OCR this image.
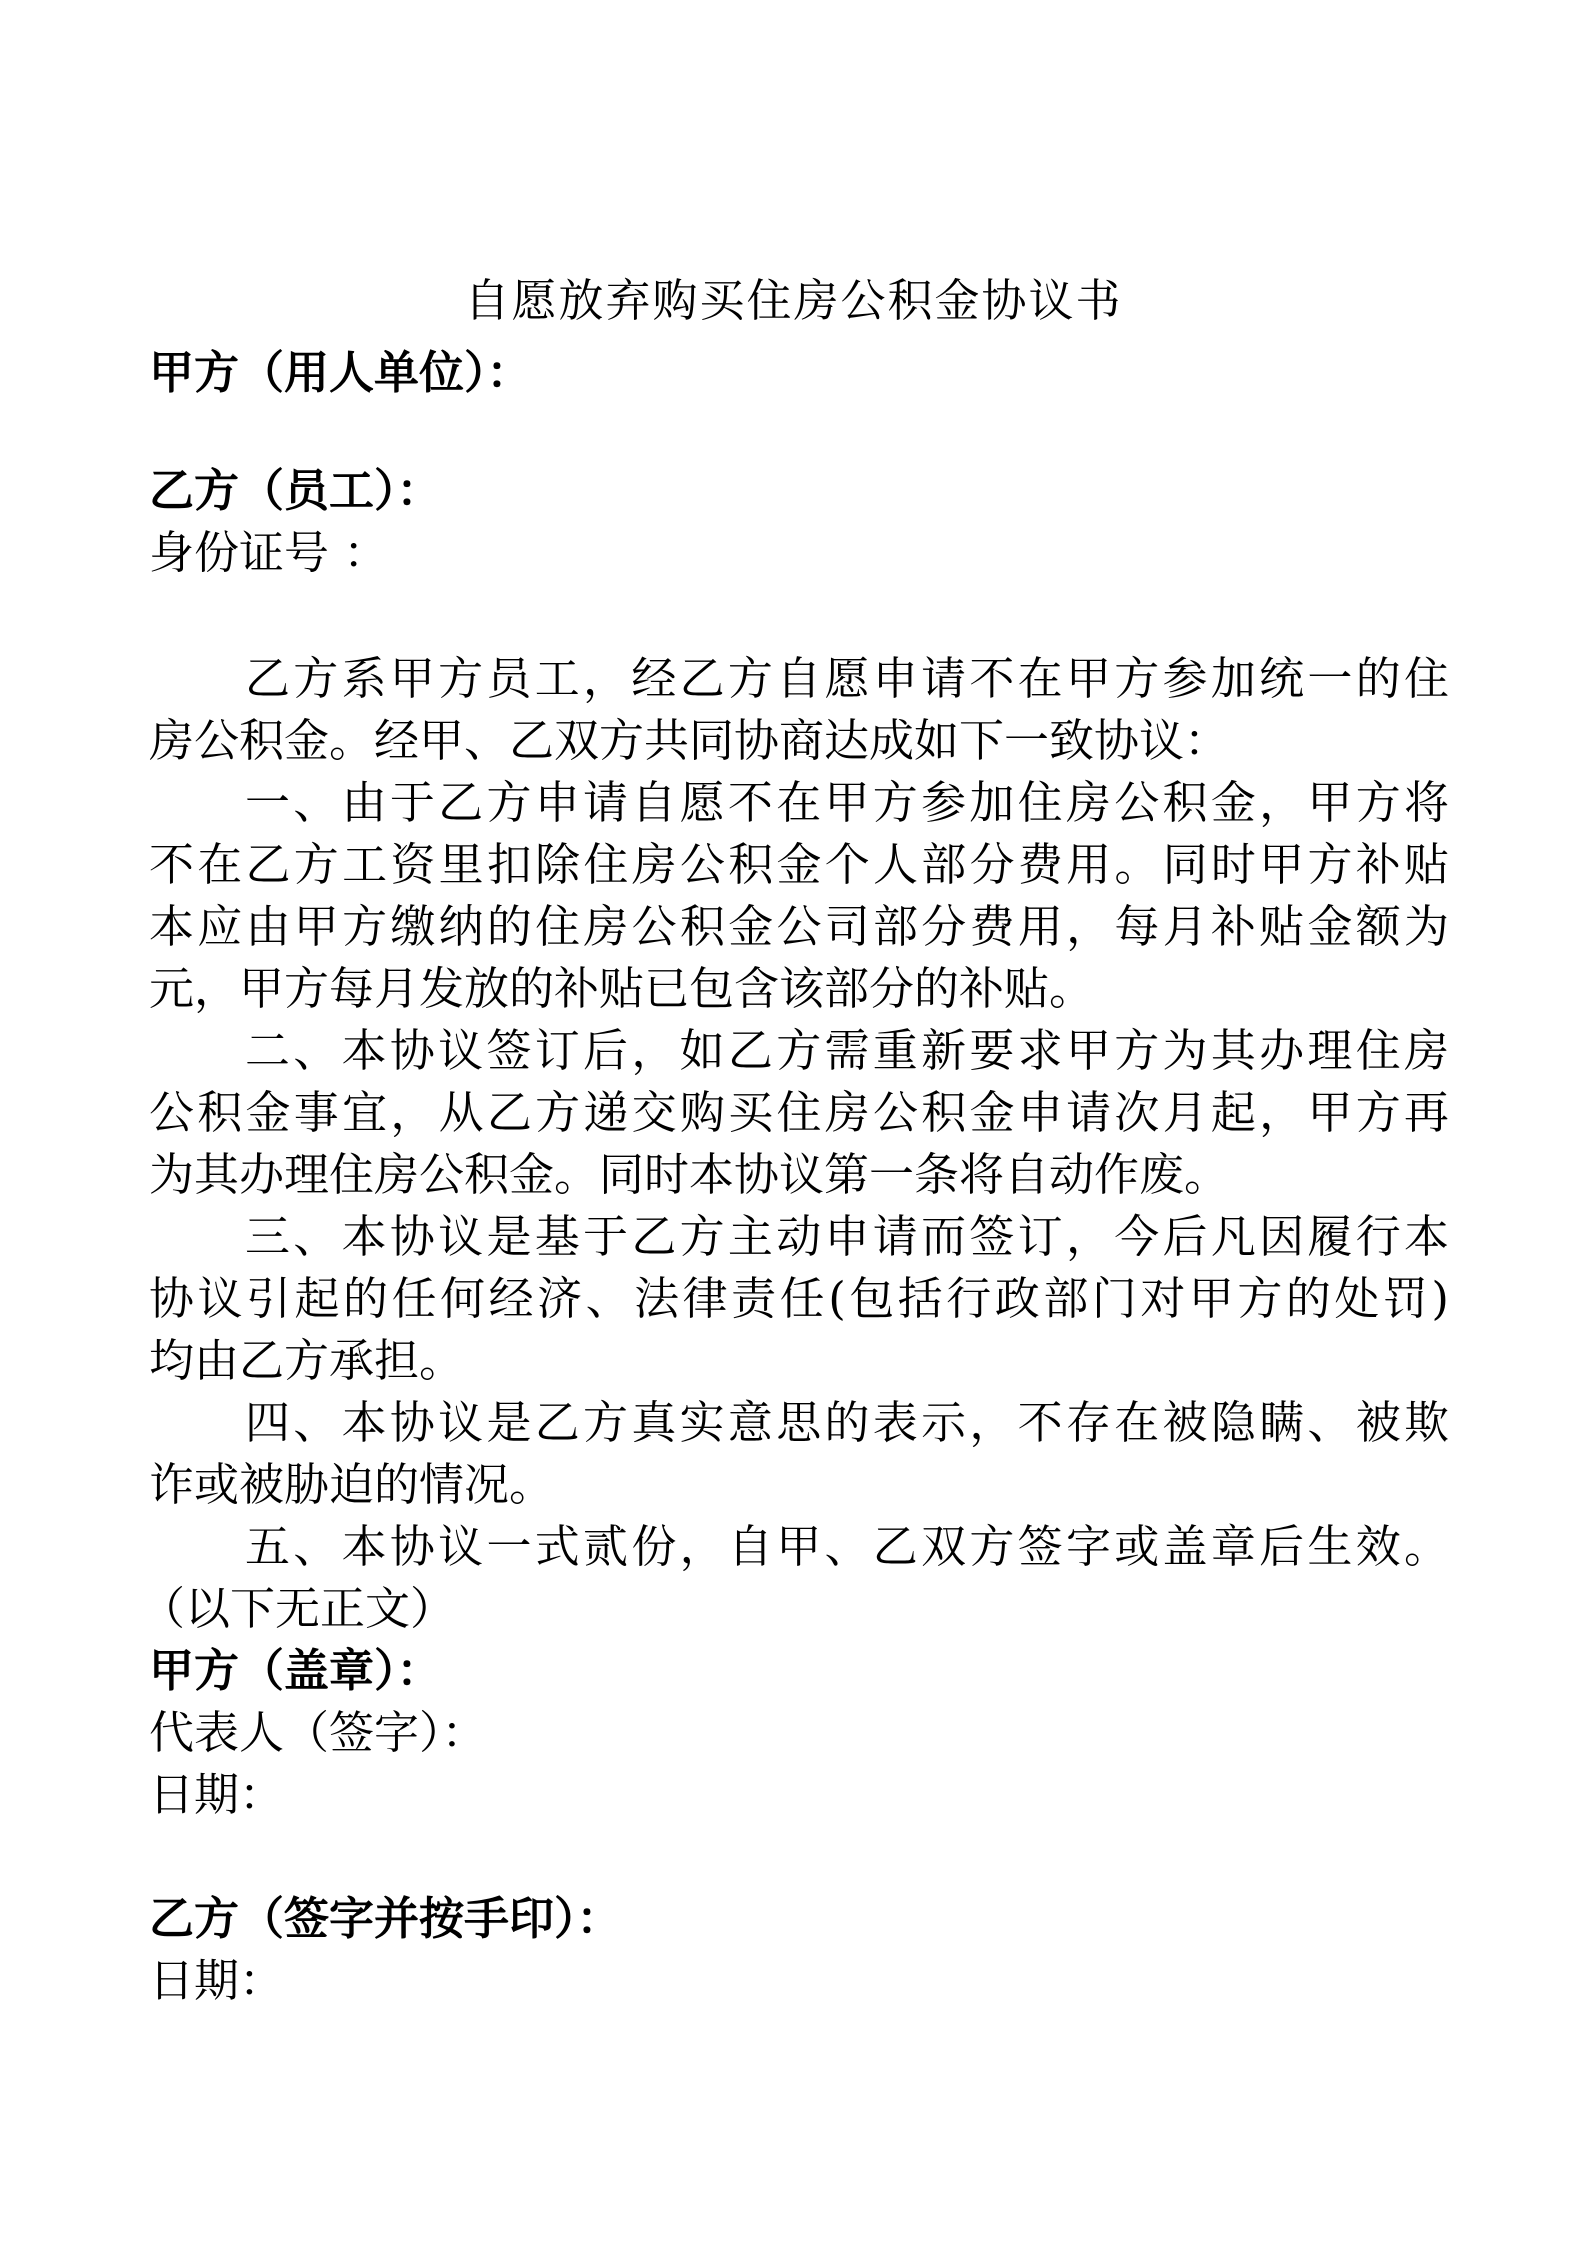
自愿放弃购买住房公积金协议书
甲方（用人单位）：
乙方（员工）：
身份证号 ：
乙方系甲方员工，经乙方自愿申请不在甲方参加统一的住
房公积金。经甲、乙双方共同协商达成如下一致协议：
一、由于乙方申请自愿不在甲方参加住房公积金，甲方将
不在乙方工资里扣除住房公积金个人部分费用。同时甲方补贴
本应由甲方缴纳的住房公积金公司部分费用，每月补贴金额为
元，甲方每月发放的补贴已包含该部分的补贴。
二、本协议签订后，如乙方需重新要求甲方为其办理住房
公积金事宜，从乙方递交购买住房公积金申请次月起，甲方再
为其办理住房公积金。同时本协议第一条将自动作废。
三、本协议是基于乙方主动申请而签订，今后凡因履行本
协议引起的任何经济、法律责任(包括行政部门对甲方的处罚)
均由乙方承担。
四、本协议是乙方真实意思的表示，不存在被隐瞒、被欺
诈或被胁迫的情况。
五、本协议一式贰份，自甲、乙双方签字或盖章后生效。
（以下无正文）
甲方（盖章）：
代表人（签字）：
日期：
乙方（签字并按手印）：
日期：
